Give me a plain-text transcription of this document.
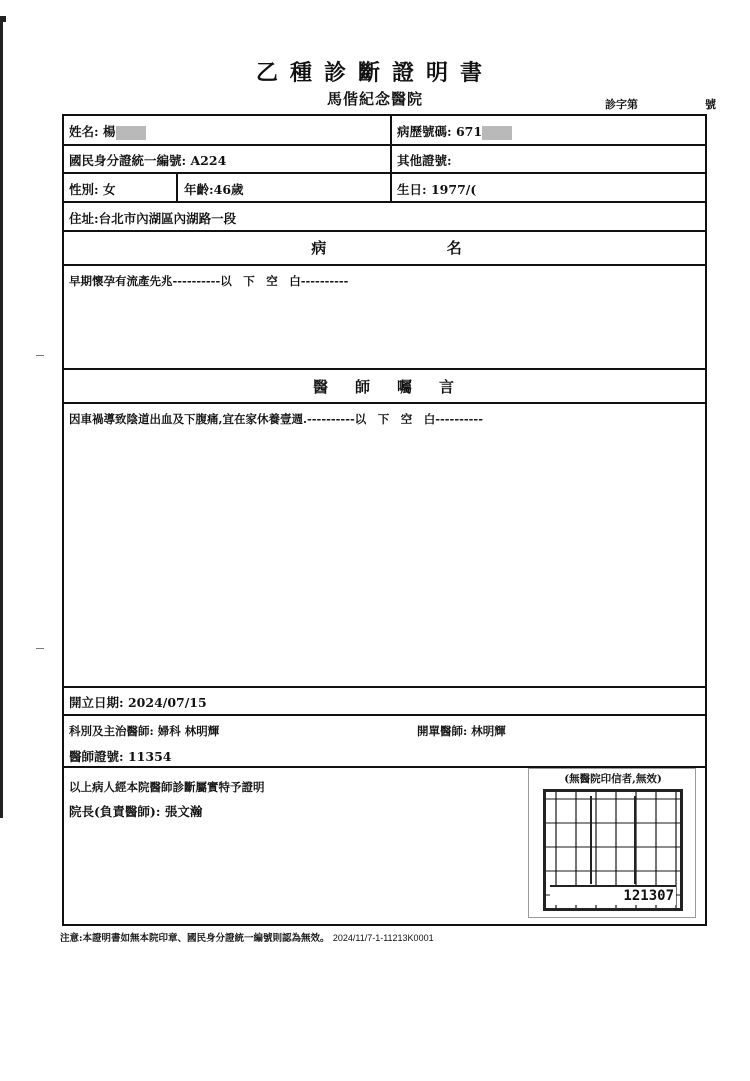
乙種診斷證明書
馬偕紀念醫院	診字第	號
姓名: 楊	病歷號碼: 671
國民身分證統一編號: A224	其他證號:
性別: 女	年齡:46歲	生日: 1977/(
住址:台北市內湖區內湖路一段
病	名
早期懷孕有流產先兆----------以　下　空　白----------
醫　師　囑　言
因車禍導致陰道出血及下腹痛,宜在家休養壹週.----------以　下　空　白----------
開立日期: 2024/07/15
科別及主治醫師: 婦科 林明輝	開單醫師: 林明輝
醫師證號: 11354
以上病人經本院醫師診斷屬實特予證明
院長(負責醫師): 張文瀚
(無醫院印信者,無效)
121307
注意:本證明書如無本院印章、國民身分證統一編號則認為無效。 2024/11/7-1-11213K0001
